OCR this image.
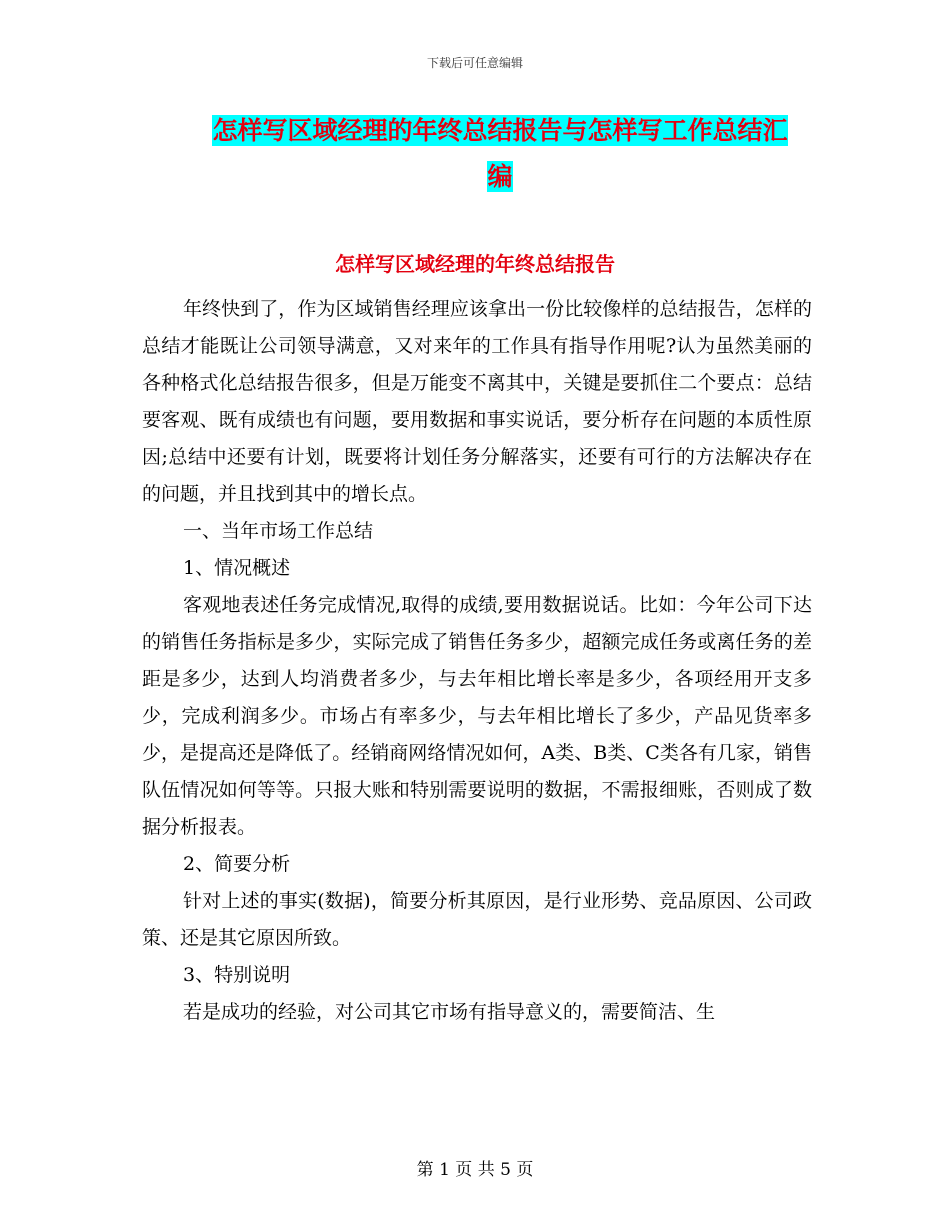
下载后可任意编辑
怎样写区域经理的年终总结报告与怎样写工作总结汇
编
怎样写区域经理的年终总结报告

年终快到了，作为区域销售经理应该拿出一份比较像样的总结报告，怎样的总结才能既让公司领导满意，又对来年的工作具有指导作用呢?认为虽然美丽的各种格式化总结报告很多，但是万能变不离其中，关键是要抓住二个要点：总结要客观、既有成绩也有问题，要用数据和事实说话，要分析存在问题的本质性原因;总结中还要有计划，既要将计划任务分解落实，还要有可行的方法解决存在的问题，并且找到其中的增长点。

一、当年市场工作总结

1、情况概述

客观地表述任务完成情况,取得的成绩,要用数据说话。比如：今年公司下达的销售任务指标是多少，实际完成了销售任务多少，超额完成任务或离任务的差距是多少，达到人均消费者多少，与去年相比增长率是多少，各项经用开支多少，完成利润多少。市场占有率多少，与去年相比增长了多少，产品见货率多少，是提高还是降低了。经销商网络情况如何，A类、B类、C类各有几家，销售队伍情况如何等等。只报大账和特别需要说明的数据，不需报细账，否则成了数据分析报表。

2、简要分析

针对上述的事实(数据)，简要分析其原因，是行业形势、竞品原因、公司政策、还是其它原因所致。

3、特别说明

若是成功的经验，对公司其它市场有指导意义的，需要简洁、生

第 1 页 共 5 页
